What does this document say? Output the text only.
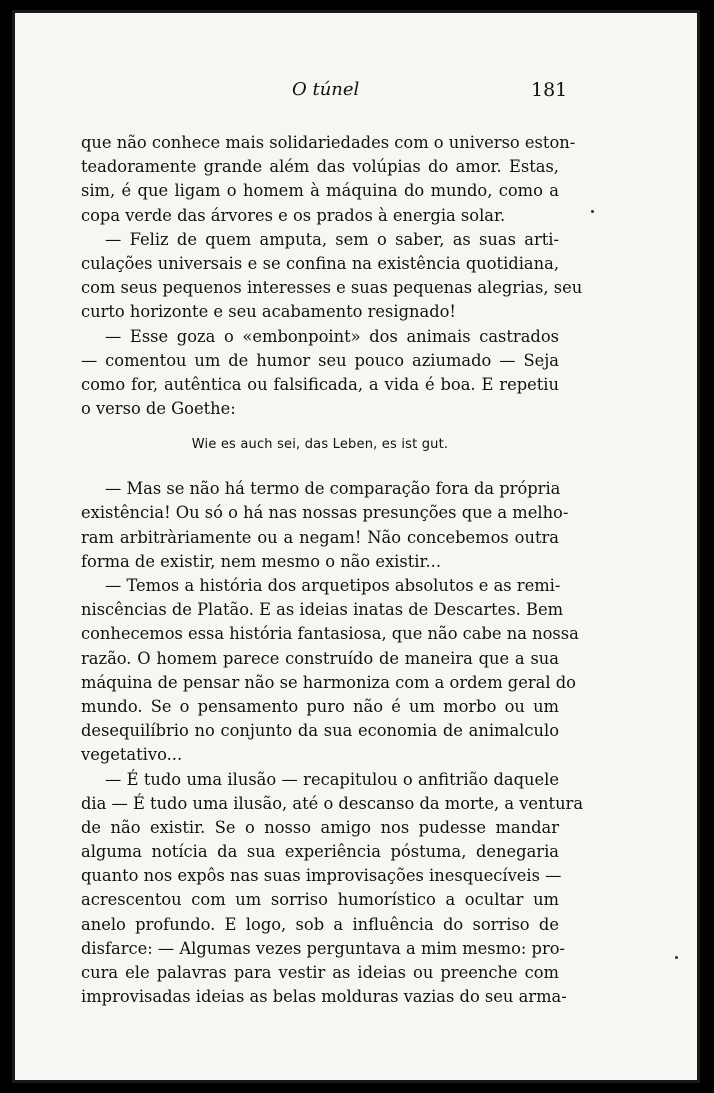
O túnel	181
que não conhece mais solidariedades com o universo eston-
teadoramente grande além das volúpias do amor. Estas,
sim, é que ligam o homem à máquina do mundo, como a
copa verde das árvores e os prados à energia solar.
— Feliz de quem amputa, sem o saber, as suas arti-
culações universais e se confina na existência quotidiana,
com seus pequenos interesses e suas pequenas alegrias, seu
curto horizonte e seu acabamento resignado!
— Esse goza o «embonpoint» dos animais castrados
— comentou um de humor seu pouco aziumado — Seja
como for, autêntica ou falsificada, a vida é boa. E repetiu
o verso de Goethe:
Wie es auch sei, das Leben, es ist gut.
— Mas se não há termo de comparação fora da própria
existência! Ou só o há nas nossas presunções que a melho-
ram arbitràriamente ou a negam! Não concebemos outra
forma de existir, nem mesmo o não existir...
— Temos a história dos arquetipos absolutos e as remi-
niscências de Platão. E as ideias inatas de Descartes. Bem
conhecemos essa história fantasiosa, que não cabe na nossa
razão. O homem parece construído de maneira que a sua
máquina de pensar não se harmoniza com a ordem geral do
mundo. Se o pensamento puro não é um morbo ou um
desequilíbrio no conjunto da sua economia de animalculo
vegetativo...
— É tudo uma ilusão — recapitulou o anfitrião daquele
dia — É tudo uma ilusão, até o descanso da morte, a ventura
de não existir. Se o nosso amigo nos pudesse mandar
alguma notícia da sua experiência póstuma, denegaria
quanto nos expôs nas suas improvisações inesquecíveis —
acrescentou com um sorriso humorístico a ocultar um
anelo profundo. E logo, sob a influência do sorriso de
disfarce: — Algumas vezes perguntava a mim mesmo: pro-
cura ele palavras para vestir as ideias ou preenche com
improvisadas ideias as belas molduras vazias do seu arma-
